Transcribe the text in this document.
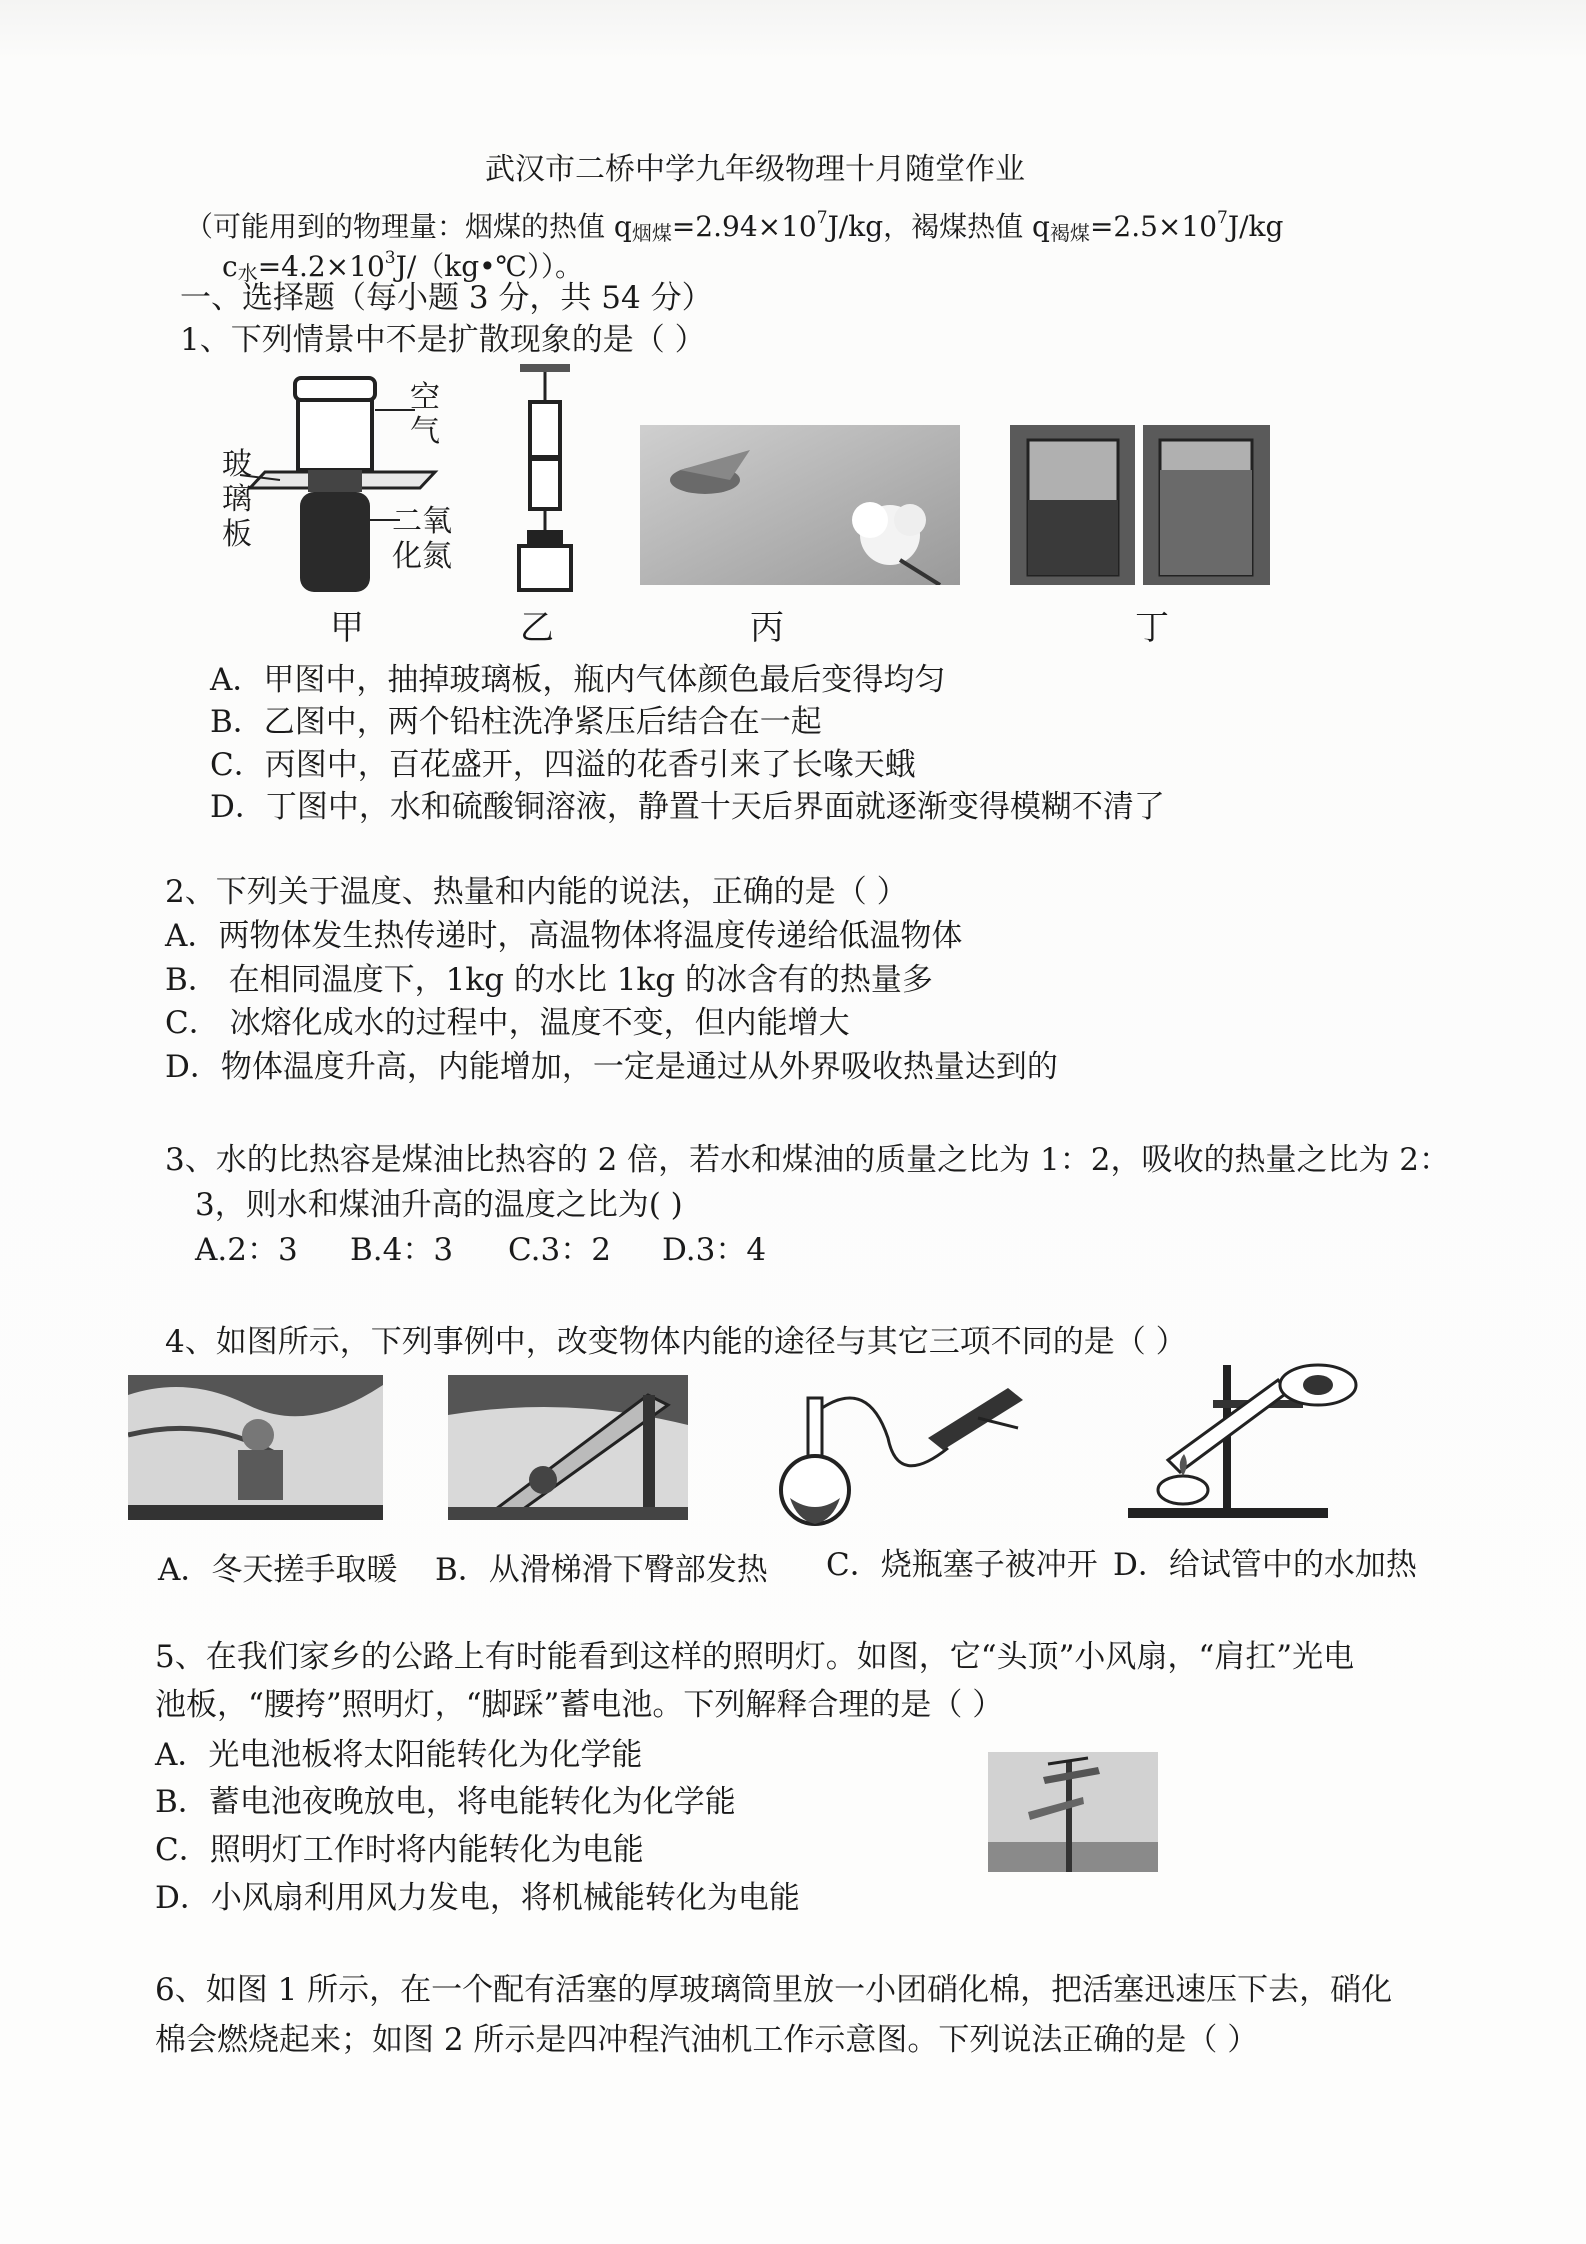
武汉市二桥中学九年级物理十月随堂作业
（可能用到的物理量：烟煤的热值 $q_{烟煤}=2.94\times 10^7J/kg$，褐煤热值 $q_{褐煤}=2.5\times 10^7J/kg$
$c_水=4.2\times 10^3J/(kg•℃)$）。
一、选择题（每小题 3 分，共 54 分）
1、下列情景中不是扩散现象的是（ ）
空
气
玻
璃
板	二氧
化氮
甲	乙	丙	丁
A．甲图中，抽掉玻璃板，瓶内气体颜色最后变得均匀
B．乙图中，两个铅柱洗净紧压后结合在一起
C．丙图中，百花盛开，四溢的花香引来了长喙天蛾
D．丁图中，水和硫酸铜溶液，静置十天后界面就逐渐变得模糊不清了
2、下列关于温度、热量和内能的说法，正确的是（ ）
A．两物体发生热传递时，高温物体将温度传递给低温物体
B． 在相同温度下，1kg 的水比 1kg 的冰含有的热量多
C． 冰熔化成水的过程中，温度不变，但内能增大
D．物体温度升高，内能增加，一定是通过从外界吸收热量达到的
3、水的比热容是煤油比热容的 2 倍，若水和煤油的质量之比为 1：2，吸收的热量之比为 2：
3，则水和煤油升高的温度之比为( )
A.2：3 B.4：3 C.3：2 D.3：4
4、如图所示，下列事例中，改变物体内能的途径与其它三项不同的是（ ）
A．冬天搓手取暖 B．从滑梯滑下臀部发热 C．烧瓶塞子被冲开 D．给试管中的水加热
5、在我们家乡的公路上有时能看到这样的照明灯。如图，它“头顶”小风扇，“肩扛”光电
池板，“腰挎”照明灯，“脚踩”蓄电池。下列解释合理的是（ ）
A．光电池板将太阳能转化为化学能
B．蓄电池夜晚放电，将电能转化为化学能
C．照明灯工作时将内能转化为电能
D．小风扇利用风力发电，将机械能转化为电能
6、如图 1 所示，在一个配有活塞的厚玻璃筒里放一小团硝化棉，把活塞迅速压下去，硝化
棉会燃烧起来；如图 2 所示是四冲程汽油机工作示意图。下列说法正确的是（ ）
